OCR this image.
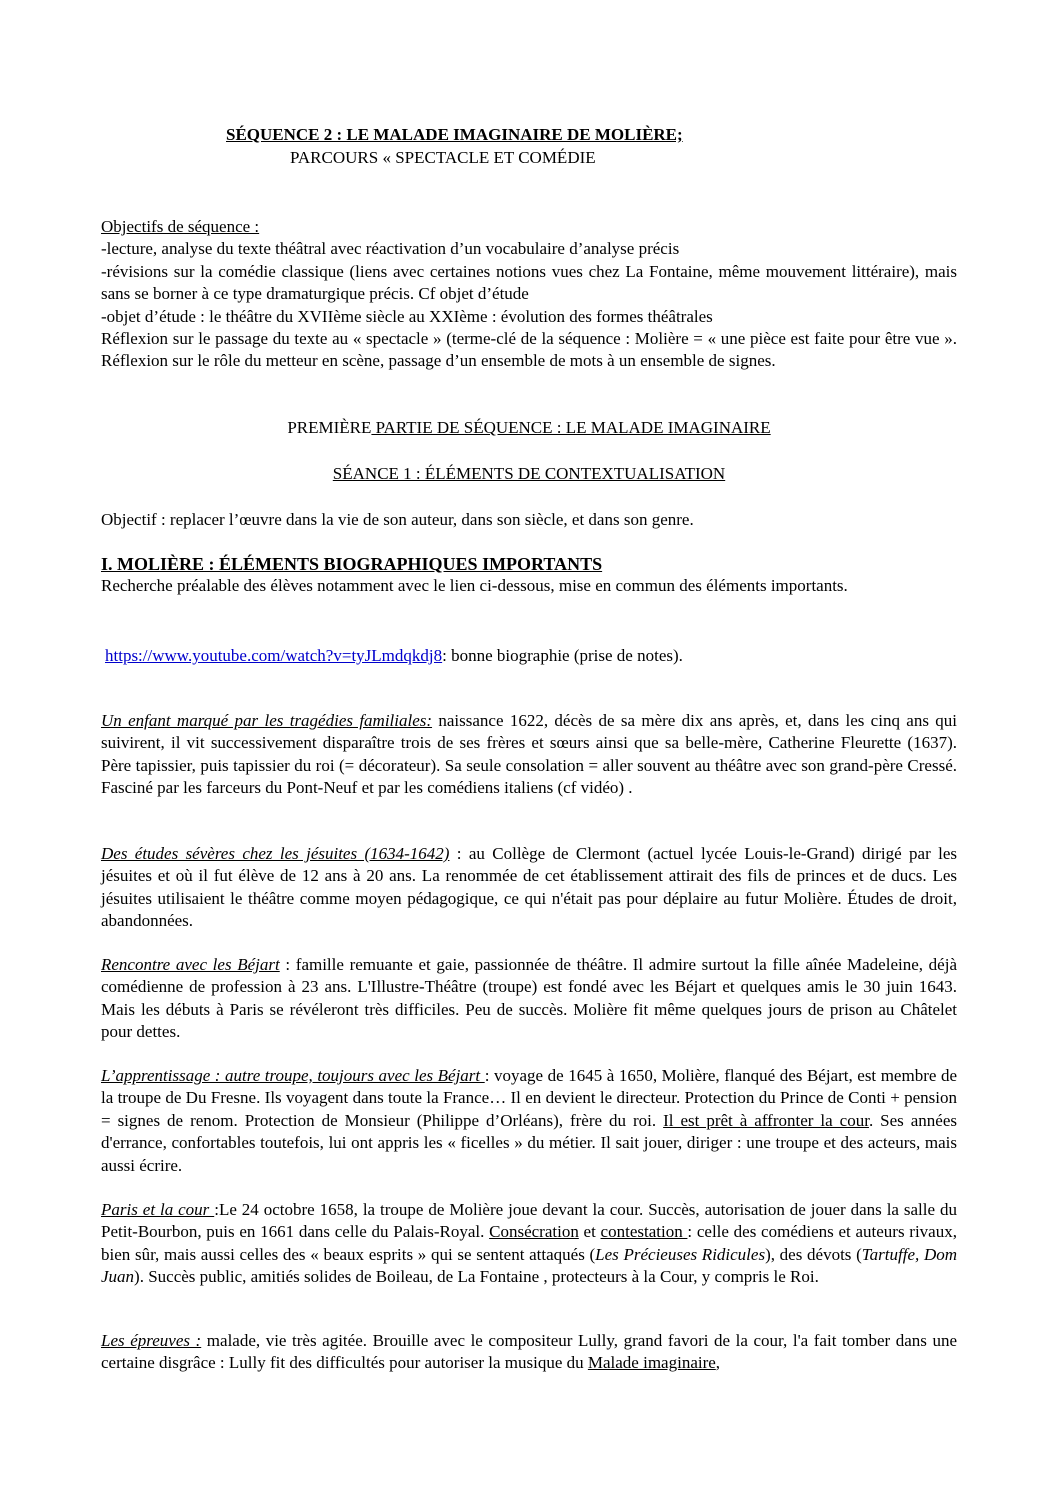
SÉQUENCE 2 : LE MALADE IMAGINAIRE DE MOLIÈRE;
PARCOURS « SPECTACLE ET COMÉDIE

Objectifs de séquence :

-lecture, analyse du texte théâtral avec réactivation d’un vocabulaire d’analyse précis

-révisions sur la comédie classique (liens avec certaines notions vues chez La Fontaine, même mouvement littéraire), mais sans se borner à ce type dramaturgique précis. Cf objet d’étude

-objet d’étude : le théâtre du XVIIème siècle au XXIème : évolution des formes théâtrales

Réflexion sur le passage du texte au « spectacle » (terme-clé de la séquence : Molière = « une pièce est faite pour être vue ». Réflexion sur le rôle du metteur en scène, passage d’un ensemble de mots à un ensemble de signes.

PREMIÈRE PARTIE DE SÉQUENCE : LE MALADE IMAGINAIRE
SÉANCE 1 : ÉLÉMENTS DE CONTEXTUALISATION
Objectif : replacer l’œuvre dans la vie de son auteur, dans son siècle, et dans son genre.

I. MOLIÈRE : ÉLÉMENTS BIOGRAPHIQUES IMPORTANTS

Recherche préalable des élèves notamment avec le lien ci-dessous, mise en commun des éléments importants.

https://www.youtube.com/watch?v=tyJLmdqkdj8: bonne biographie (prise de notes).
Un enfant marqué par les tragédies familiales: naissance 1622, décès de sa mère dix ans après, et, dans les cinq ans qui suivirent, il vit successivement disparaître trois de ses frères et sœurs ainsi que sa belle-mère, Catherine Fleurette (1637). Père tapissier, puis tapissier du roi (= décorateur). Sa seule consolation = aller souvent au théâtre avec son grand-père Cressé. Fasciné par les farceurs du Pont-Neuf et par les comédiens italiens (cf vidéo) .
Des études sévères chez les jésuites (1634-1642) : au Collège de Clermont (actuel lycée Louis-le-Grand) dirigé par les jésuites et où il fut élève de 12 ans à 20 ans. La renommée de cet établissement attirait des fils de princes et de ducs. Les jésuites utilisaient le théâtre comme moyen pédagogique, ce qui n'était pas pour déplaire au futur Molière. Études de droit, abandonnées.
Rencontre avec les Béjart : famille remuante et gaie, passionnée de théâtre. Il admire surtout la fille aînée Madeleine, déjà comédienne de profession à 23 ans. L'Illustre-Théâtre (troupe) est fondé avec les Béjart et quelques amis le 30 juin 1643. Mais les débuts à Paris se révéleront très difficiles. Peu de succès. Molière fit même quelques jours de prison au Châtelet pour dettes.
L’apprentissage : autre troupe, toujours avec les Béjart : voyage de 1645 à 1650, Molière, flanqué des Béjart, est membre de la troupe de Du Fresne. Ils voyagent dans toute la France… Il en devient le directeur. Protection du Prince de Conti + pension = signes de renom. Protection de Monsieur (Philippe d’Orléans), frère du roi. Il est prêt à affronter la cour. Ses années d'errance, confortables toutefois, lui ont appris les « ficelles » du métier. Il sait jouer, diriger : une troupe et des acteurs, mais aussi écrire.
Paris et la cour :Le 24 octobre 1658, la troupe de Molière joue devant la cour. Succès, autorisation de jouer dans la salle du Petit-Bourbon, puis en 1661 dans celle du Palais-Royal. Consécration et contestation : celle des comédiens et auteurs rivaux, bien sûr, mais aussi celles des « beaux esprits » qui se sentent attaqués (Les Précieuses Ridicules), des dévots (Tartuffe, Dom Juan). Succès public, amitiés solides de Boileau, de La Fontaine , protecteurs à la Cour, y compris le Roi.
Les épreuves : malade, vie très agitée. Brouille avec le compositeur Lully, grand favori de la cour, l'a fait tomber dans une certaine disgrâce : Lully fit des difficultés pour autoriser la musique du Malade imaginaire,
